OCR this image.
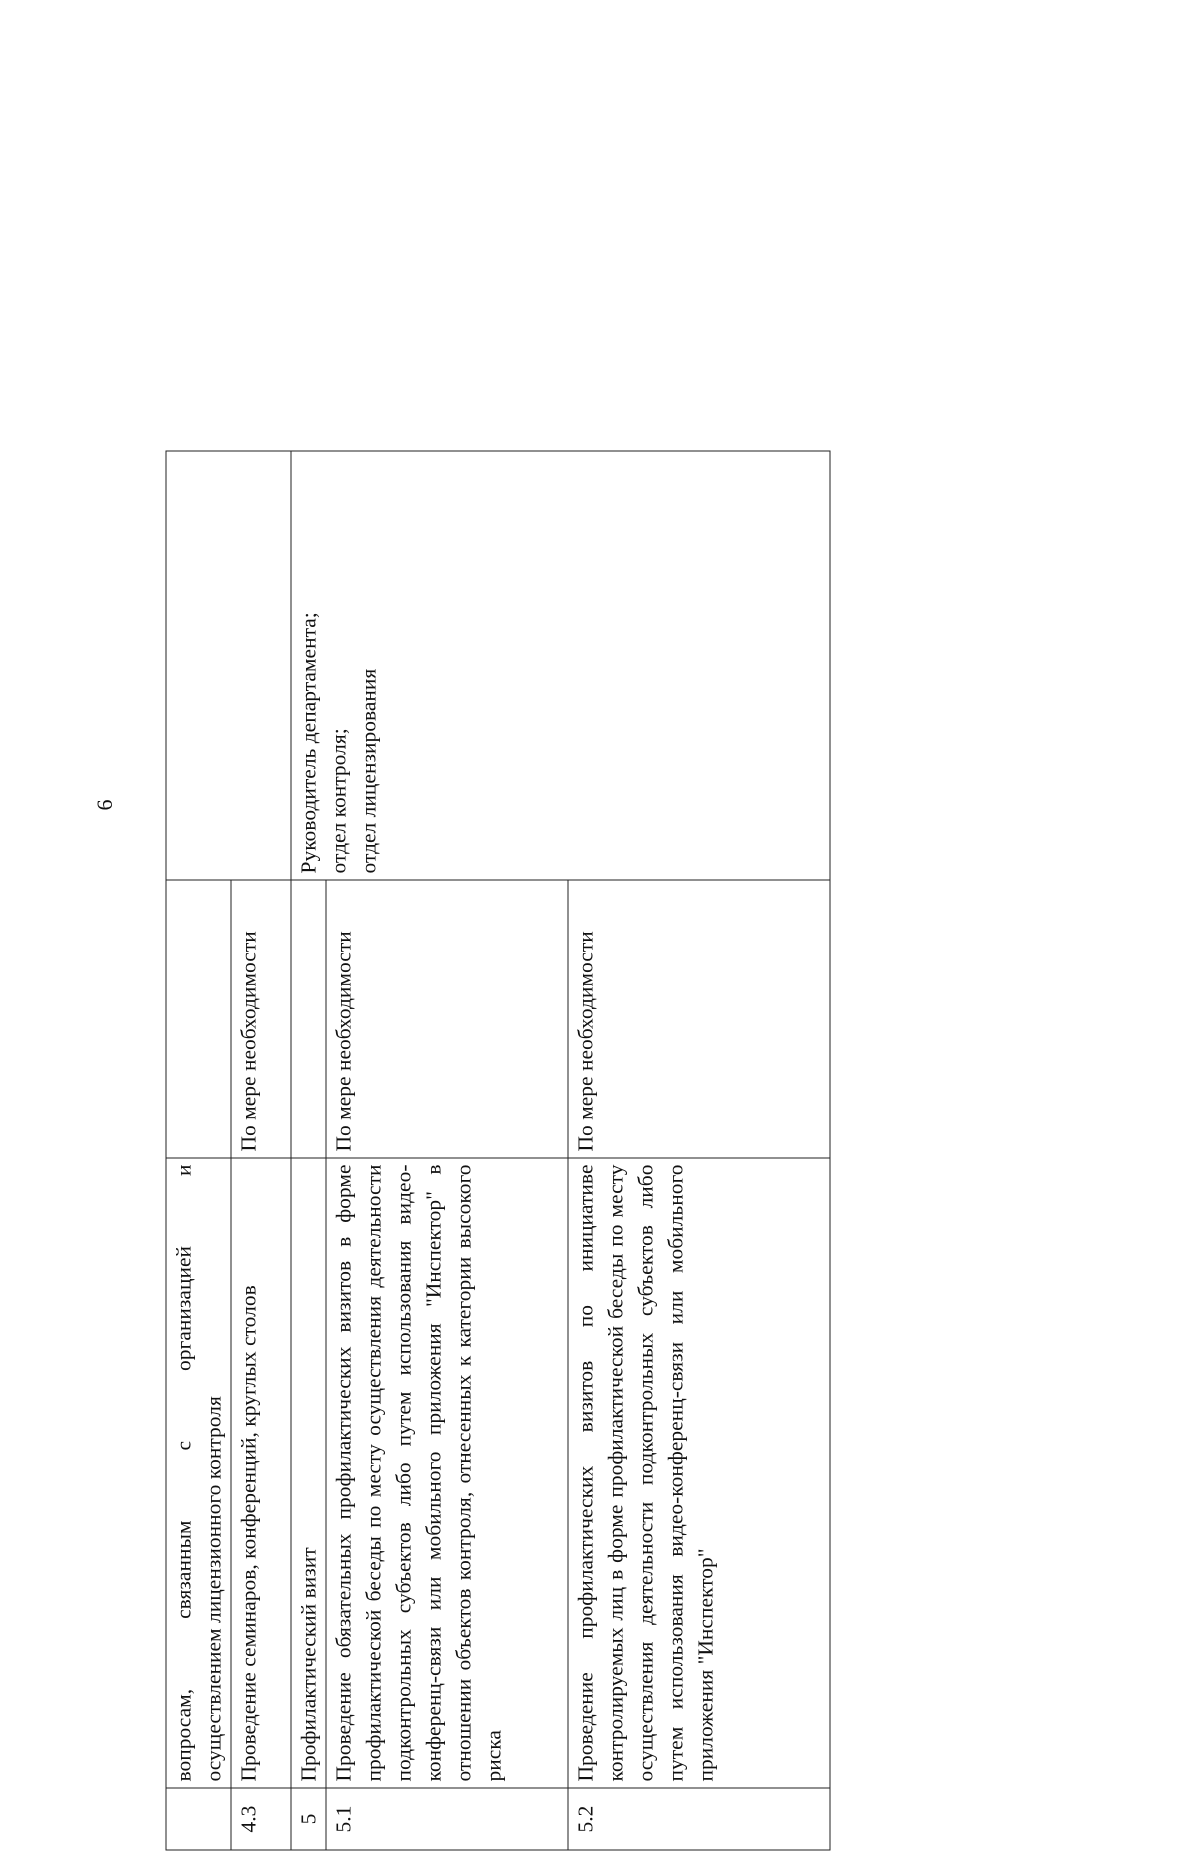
6

	вопросам, связанным с организацией и осуществлением лицензионного контроля		

4.3	Проведение семинаров, конференций, круглых столов	По мере необходимости	
5	Профилактический визит		Руководитель департамента; отдел контроля; отдел лицензирования

5.1	Проведение обязательных профилактических визитов в форме профилактической беседы по месту осуществления деятельности подконтрольных субъектов либо путем использования видео-конференц-связи или мобильного приложения "Инспектор" в отношении объектов контроля, отнесенных к категории высокого риска	По мере необходимости	
5.2	Проведение профилактических визитов по инициативе контролируемых лиц в форме профилактической беседы по месту осуществления деятельности подконтрольных субъектов либо путем использования видео-конференц-связи или мобильного приложения "Инспектор"	По мере необходимости	
